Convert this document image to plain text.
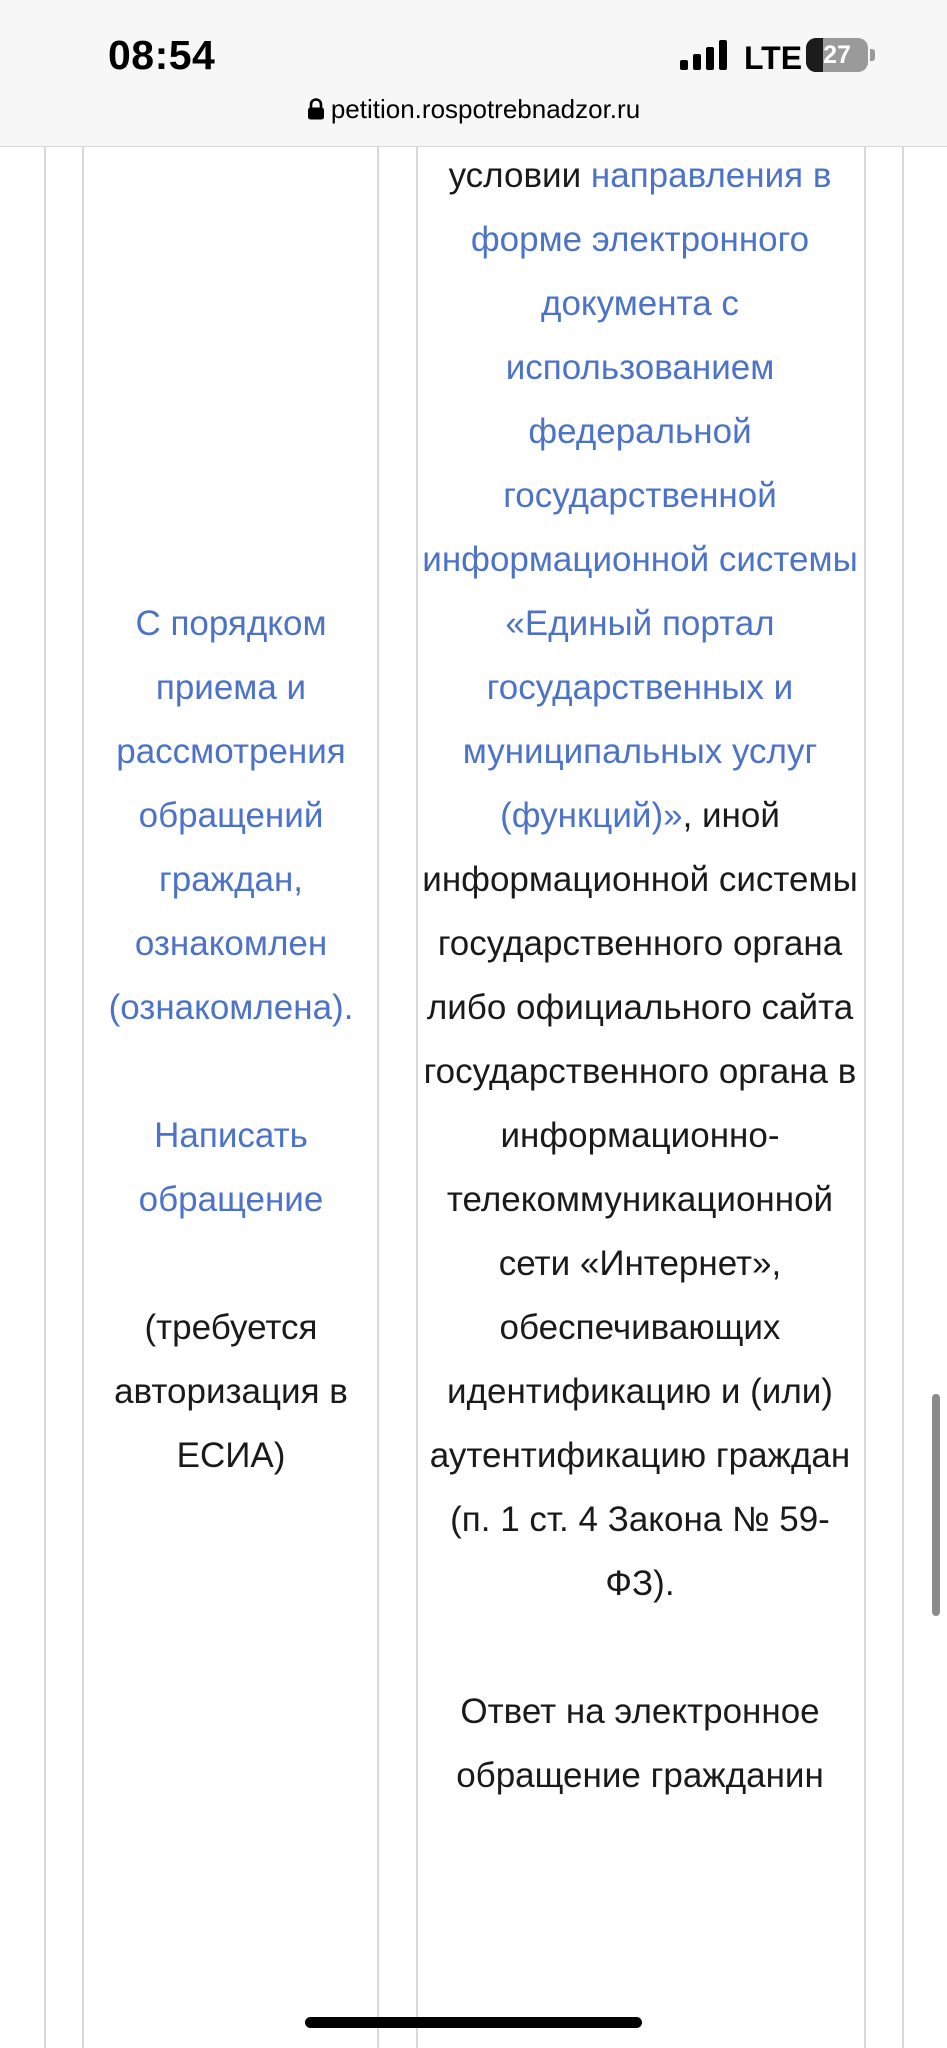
08:54	LTE 27
petition.rospotrebnadzor.ru
С порядком приема и рассмотрения обращений граждан, ознакомлен (ознакомлена).
Написать обращение
(требуется авторизация в ЕСИА)
условии направления в форме электронного документа с использованием федеральной государственной информационной системы «Единый портал государственных и муниципальных услуг (функций)», иной информационной системы государственного органа либо официального сайта государственного органа в информационно-телекоммуникационной сети «Интернет», обеспечивающих идентификацию и (или) аутентификацию граждан (п. 1 ст. 4 Закона № 59-ФЗ).
Ответ на электронное обращение гражданин
